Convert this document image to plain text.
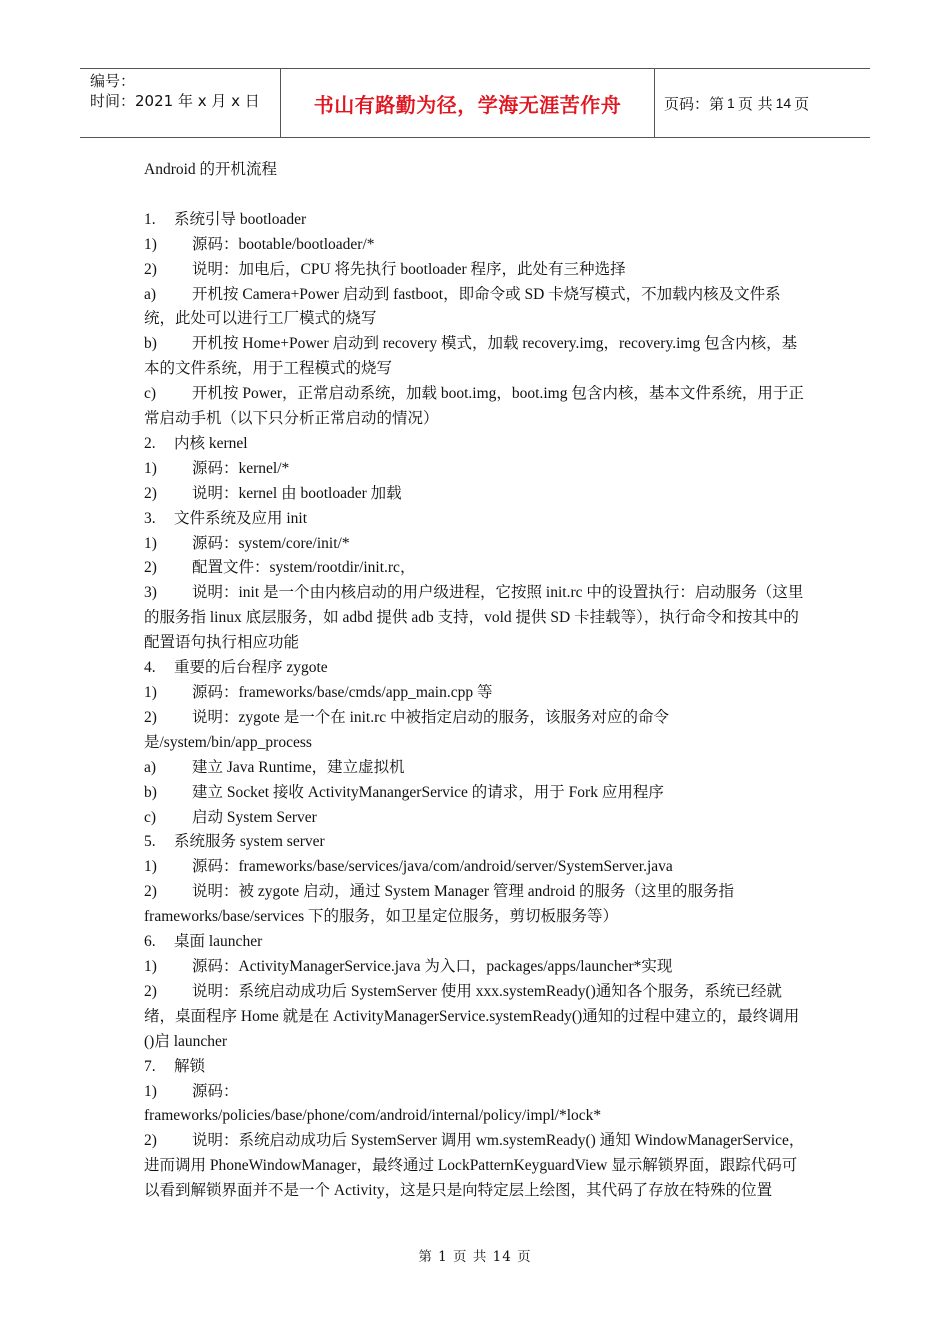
编号：
时间：2021 年 x 月 x 日	书山有路勤为径，学海无涯苦作舟	页码：第 1 页 共 14 页

Android 的开机流程

1. 系统引导 bootloader

1) 源码：bootable/bootloader/*

2) 说明：加电后，CPU 将先执行 bootloader 程序，此处有三种选择

a) 开机按 Camera+Power 启动到 fastboot，即命令或 SD 卡烧写模式，不加载内核及文件系统，此处可以进行工厂模式的烧写

b) 开机按 Home+Power 启动到 recovery 模式，加载 recovery.img，recovery.img 包含内核，基本的文件系统，用于工程模式的烧写

c) 开机按 Power，正常启动系统，加载 boot.img，boot.img 包含内核，基本文件系统，用于正常启动手机（以下只分析正常启动的情况）

2. 内核 kernel

1) 源码：kernel/*

2) 说明：kernel 由 bootloader 加载

3. 文件系统及应用 init

1) 源码：system/core/init/*

2) 配置文件：system/rootdir/init.rc，

3) 说明：init 是一个由内核启动的用户级进程，它按照 init.rc 中的设置执行：启动服务（这里的服务指 linux 底层服务，如 adbd 提供 adb 支持，vold 提供 SD 卡挂载等），执行命令和按其中的配置语句执行相应功能

4. 重要的后台程序 zygote

1) 源码：frameworks/base/cmds/app_main.cpp 等

2) 说明：zygote 是一个在 init.rc 中被指定启动的服务，该服务对应的命令是/system/bin/app_process

a) 建立 Java Runtime，建立虚拟机

b) 建立 Socket 接收 ActivityManangerService 的请求，用于 Fork 应用程序

c) 启动 System Server

5. 系统服务 system server

1) 源码：frameworks/base/services/java/com/android/server/SystemServer.java

2) 说明：被 zygote 启动，通过 System Manager 管理 android 的服务（这里的服务指 frameworks/base/services 下的服务，如卫星定位服务，剪切板服务等）

6. 桌面 launcher

1) 源码：ActivityManagerService.java 为入口，packages/apps/launcher*实现

2) 说明：系统启动成功后 SystemServer 使用 xxx.systemReady()通知各个服务，系统已经就绪，桌面程序 Home 就是在 ActivityManagerService.systemReady()通知的过程中建立的，最终调用 ()启 launcher

7. 解锁

1) 源码：

frameworks/policies/base/phone/com/android/internal/policy/impl/*lock*

2) 说明：系统启动成功后 SystemServer 调用 wm.systemReady() 通知 WindowManagerService，进而调用 PhoneWindowManager，最终通过 LockPatternKeyguardView 显示解锁界面，跟踪代码可以看到解锁界面并不是一个 Activity，这是只是向特定层上绘图，其代码了存放在特殊的位置

第 1 页 共 14 页
